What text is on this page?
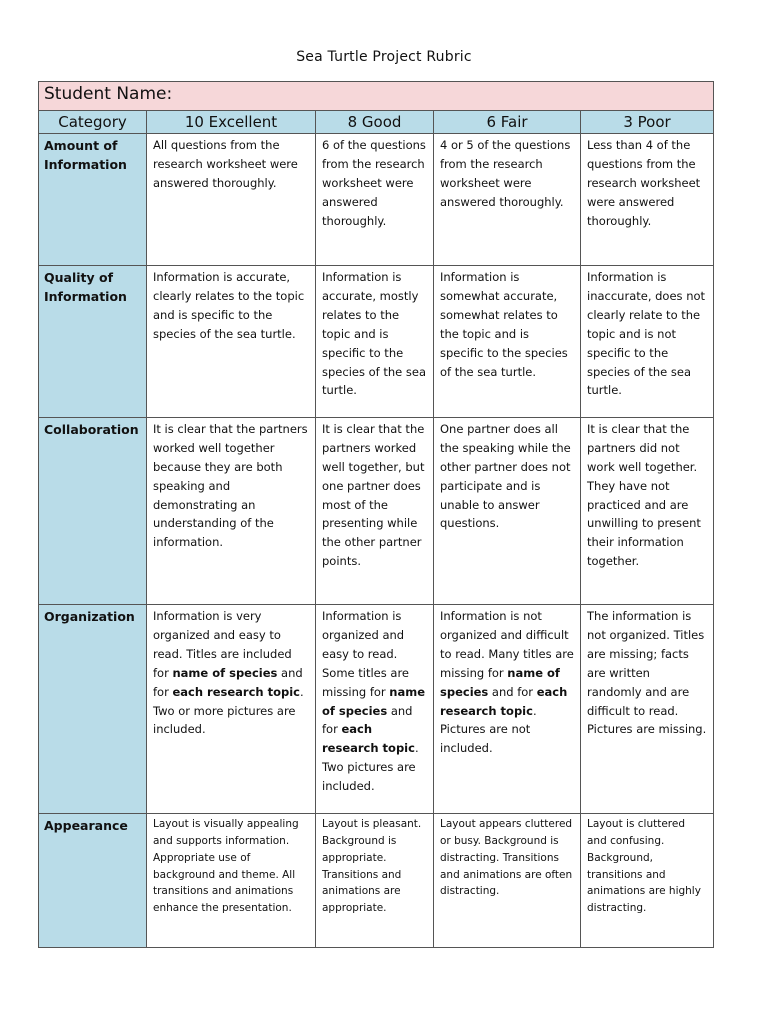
Sea Turtle Project Rubric
Student Name:				
Category	10 Excellent	8 Good	6 Fair	3 Poor
Amount of Information	All questions from the research worksheet were answered thoroughly.	6 of the questions from the research worksheet were answered thoroughly.	4 or 5 of the questions from the research worksheet were answered thoroughly.	Less than 4 of the questions from the research worksheet were answered thoroughly.
Quality of Information	Information is accurate, clearly relates to the topic and is specific to the species of the sea turtle.	Information is accurate, mostly relates to the topic and is specific to the species of the sea turtle.	Information is somewhat accurate, somewhat relates to the topic and is specific to the species of the sea turtle.	Information is inaccurate, does not clearly relate to the topic and is not specific to the species of the sea turtle.
Collaboration	It is clear that the partners worked well together because they are both speaking and demonstrating an understanding of the information.	It is clear that the partners worked well together, but one partner does most of the presenting while the other partner points.	One partner does all the speaking while the other partner does not participate and is unable to answer questions.	It is clear that the partners did not work well together. They have not practiced and are unwilling to present their information together.
Organization	Information is very organized and easy to read. Titles are included for name of species and for each research topic. Two or more pictures are included.	Information is organized and easy to read. Some titles are missing for name of species and for each research topic. Two pictures are included.	Information is not organized and difficult to read. Many titles are missing for name of species and for each research topic. Pictures are not included.	The information is not organized. Titles are missing; facts are written randomly and are difficult to read. Pictures are missing.
Appearance	Layout is visually appealing and supports information. Appropriate use of background and theme. All transitions and animations enhance the presentation.	Layout is pleasant. Background is appropriate. Transitions and animations are appropriate.	Layout appears cluttered or busy. Background is distracting. Transitions and animations are often distracting.	Layout is cluttered and confusing. Background, transitions and animations are highly distracting.
